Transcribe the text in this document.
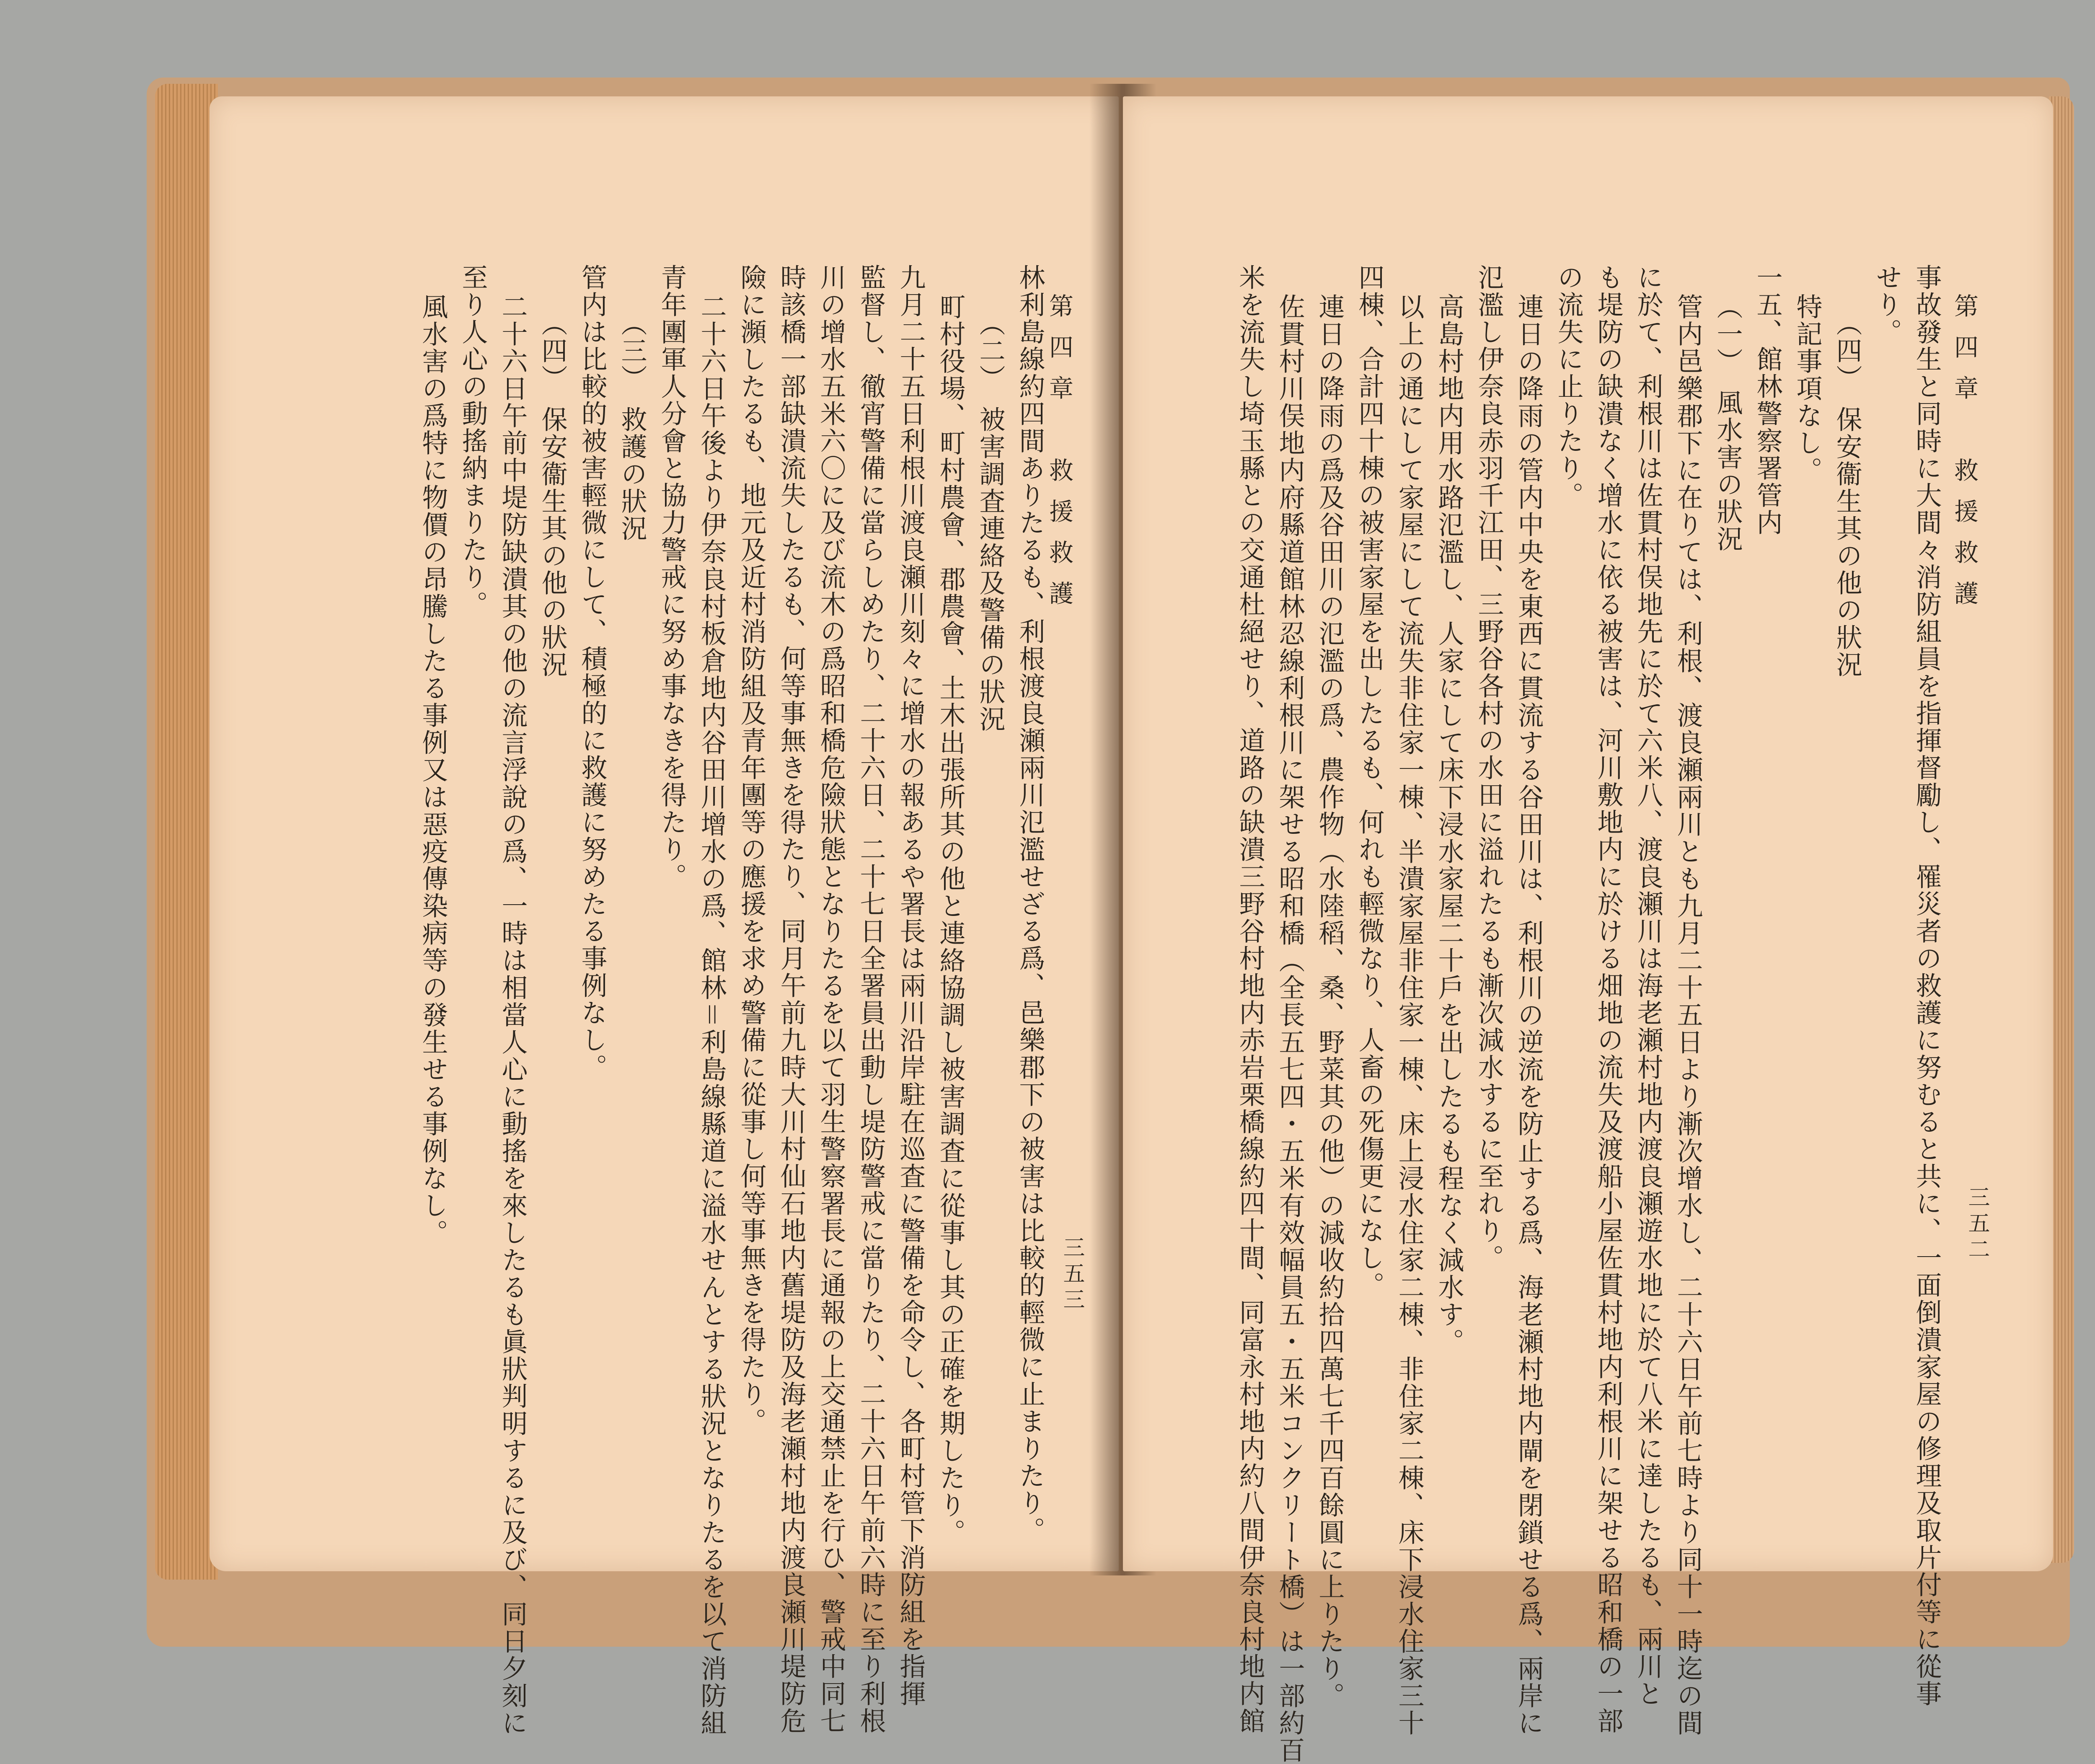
第四章　救援救護
三五三
林利島線約四間ありたるも、利根渡良瀬兩川氾濫せざる爲、邑樂郡下の被害は比較的輕微に止まりたり。
（二）　被害調査連絡及警備の狀況
町村役場、町村農會、郡農會、土木出張所其の他と連絡協調し被害調査に從事し其の正確を期したり。
九月二十五日利根川渡良瀬川刻々に增水の報あるや署長は兩川沿岸駐在巡査に警備を命令し、各町村管下消防組を指揮
監督し、徹宵警備に當らしめたり、二十六日、二十七日全署員出動し堤防警戒に當りたり、二十六日午前六時に至り利根
川の增水五米六〇に及び流木の爲昭和橋危險狀態となりたるを以て羽生警察署長に通報の上交通禁止を行ひ、警戒中同七
時該橋一部缺潰流失したるも、何等事無きを得たり、同月午前九時大川村仙石地内舊堤防及海老瀬村地内渡良瀬川堤防危
險に瀕したるも、地元及近村消防組及青年團等の應援を求め警備に從事し何等事無きを得たり。
二十六日午後より伊奈良村板倉地内谷田川增水の爲、館林＝利島線縣道に溢水せんとする狀況となりたるを以て消防組
青年團軍人分會と協力警戒に努め事なきを得たり。
（三）　救護の狀況
管内は比較的被害輕微にして、積極的に救護に努めたる事例なし。
（四）　保安衞生其の他の狀況
二十六日午前中堤防缺潰其の他の流言浮說の爲、一時は相當人心に動搖を來したるも眞狀判明するに及び、同日夕刻に
至り人心の動搖納まりたり。
風水害の爲特に物價の昂騰したる事例又は惡疫傳染病等の發生せる事例なし。	第四章　救援救護
三五二
事故發生と同時に大間々消防組員を指揮督勵し、罹災者の救護に努むると共に、一面倒潰家屋の修理及取片付等に從事
せり。
（四）　保安衞生其の他の狀況
特記事項なし。
一五、館林警察署管内
（一）　風水害の狀況
管内邑樂郡下に在りては、利根、渡良瀬兩川とも九月二十五日より漸次增水し、二十六日午前七時より同十一時迄の間
に於て、利根川は佐貫村俣地先に於て六米八、渡良瀬川は海老瀬村地内渡良瀬遊水地に於て八米に達したるも、兩川と
も堤防の缺潰なく增水に依る被害は、河川敷地内に於ける畑地の流失及渡船小屋佐貫村地内利根川に架せる昭和橋の一部
の流失に止りたり。
連日の降雨の管内中央を東西に貫流する谷田川は、利根川の逆流を防止する爲、海老瀬村地内閘を閉鎖せる爲、兩岸に
氾濫し伊奈良赤羽千江田、三野谷各村の水田に溢れたるも漸次減水するに至れり。
高島村地内用水路氾濫し、人家にして床下浸水家屋二十戶を出したるも程なく減水す。
以上の通にして家屋にして流失非住家一棟、半潰家屋非住家一棟、床上浸水住家二棟、非住家二棟、床下浸水住家三十
四棟、合計四十棟の被害家屋を出したるも、何れも輕微なり、人畜の死傷更になし。
連日の降雨の爲及谷田川の氾濫の爲、農作物（水陸稻、桑、野菜其の他）の減收約拾四萬七千四百餘圓に上りたり。
佐貫村川俣地内府縣道館林忍線利根川に架せる昭和橋（全長五七四・五米有效幅員五・五米コンクリート橋）は一部約百
米を流失し埼玉縣との交通杜絕せり、道路の缺潰三野谷村地内赤岩栗橋線約四十間、同富永村地内約八間伊奈良村地内館
